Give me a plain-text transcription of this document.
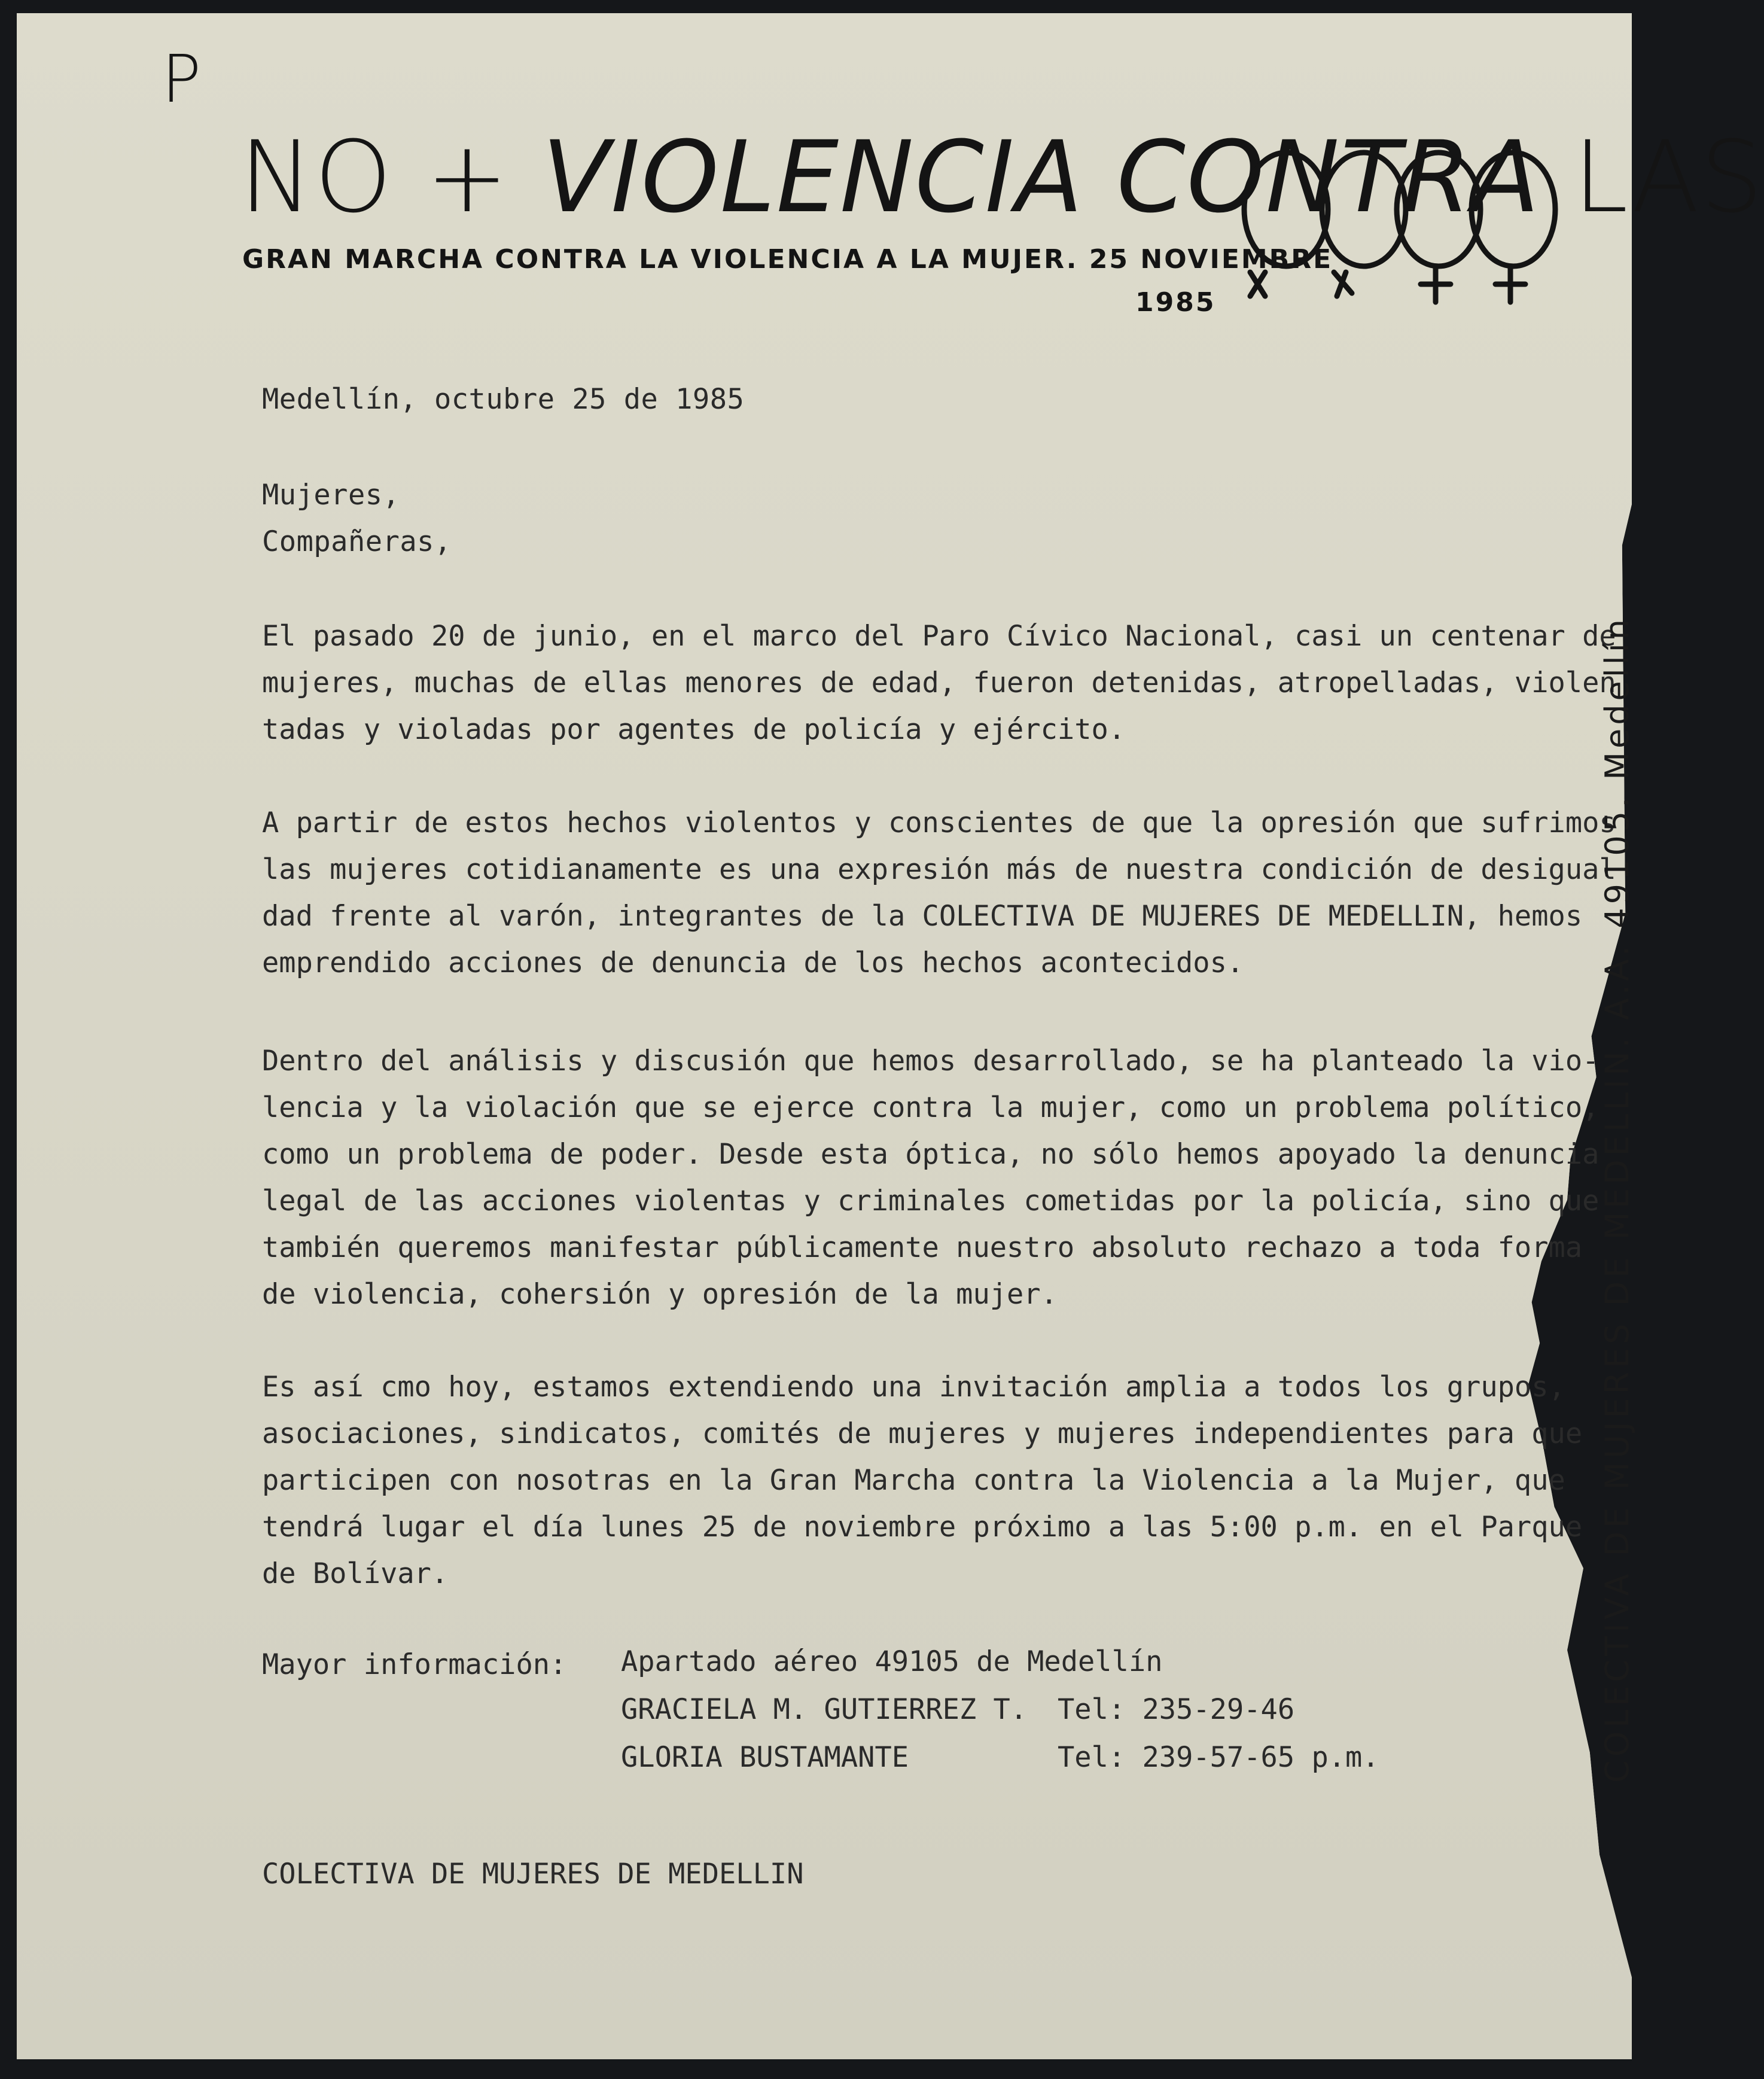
P
NO + VIOLENCIA CONTRA LAS
GRAN MARCHA CONTRA LA VIOLENCIA A LA MUJER. 25 NOVIEMBRE
1985
Medellín, octubre 25 de 1985
Mujeres,
Compañeras,
El pasado 20 de junio, en el marco del Paro Cívico Nacional, casi un centenar de
mujeres, muchas de ellas menores de edad, fueron detenidas, atropelladas, violen
tadas y violadas por agentes de policía y ejército.
A partir de estos hechos violentos y conscientes de que la opresión que sufrimos
las mujeres cotidianamente es una expresión más de nuestra condición de desigual
dad frente al varón, integrantes de la COLECTIVA DE MUJERES DE MEDELLIN, hemos
emprendido acciones de denuncia de los hechos acontecidos.
Dentro del análisis y discusión que hemos desarrollado, se ha planteado la vio-
lencia y la violación que se ejerce contra la mujer, como un problema político,
como un problema de poder. Desde esta óptica, no sólo hemos apoyado la denuncia
legal de las acciones violentas y criminales cometidas por la policía, sino que
también queremos manifestar públicamente nuestro absoluto rechazo a toda forma
de violencia, cohersión y opresión de la mujer.
Es así cmo hoy, estamos extendiendo una invitación amplia a todos los grupos,
asociaciones, sindicatos, comités de mujeres y mujeres independientes para que
participen con nosotras en la Gran Marcha contra la Violencia a la Mujer, que
tendrá lugar el día lunes 25 de noviembre próximo a las 5:00 p.m. en el Parque
de Bolívar.
Mayor información: Apartado aéreo 49105 de Medellín
GRACIELA M. GUTIERREZ T. Tel: 235-29-46
GLORIA BUSTAMANTE	Tel: 239-57-65 p.m.
COLECTIVA DE MUJERES DE MEDELLIN
COLECTIVA DE MUJERES DE MEDELLIN. A.A. 49105. Medellín
